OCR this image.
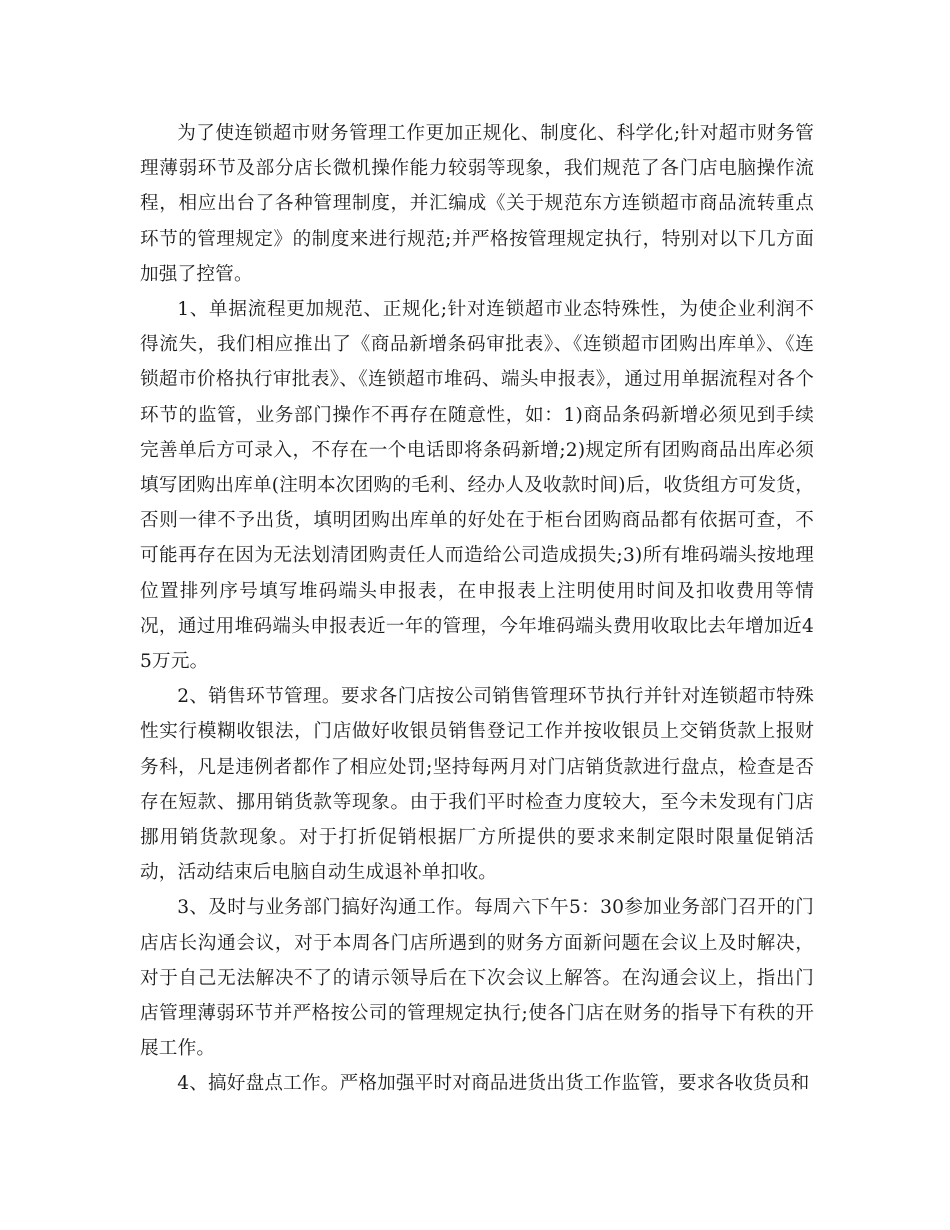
为了使连锁超市财务管理工作更加正规化、制度化、科学化;针对超市财务管理薄弱环节及部分店长微机操作能力较弱等现象，我们规范了各门店电脑操作流程，相应出台了各种管理制度，并汇编成《关于规范东方连锁超市商品流转重点环节的管理规定》的制度来进行规范;并严格按管理规定执行，特别对以下几方面加强了控管。

1、单据流程更加规范、正规化;针对连锁超市业态特殊性，为使企业利润不得流失，我们相应推出了《商品新增条码审批表》、《连锁超市团购出库单》、《连锁超市价格执行审批表》、《连锁超市堆码、端头申报表》，通过用单据流程对各个环节的监管，业务部门操作不再存在随意性，如：1)商品条码新增必须见到手续完善单后方可录入，不存在一个电话即将条码新增;2)规定所有团购商品出库必须填写团购出库单(注明本次团购的毛利、经办人及收款时间)后，收货组方可发货，否则一律不予出货，填明团购出库单的好处在于柜台团购商品都有依据可查，不可能再存在因为无法划清团购责任人而造给公司造成损失;3)所有堆码端头按地理位置排列序号填写堆码端头申报表，在申报表上注明使用时间及扣收费用等情况，通过用堆码端头申报表近一年的管理，今年堆码端头费用收取比去年增加近45万元。

2、销售环节管理。要求各门店按公司销售管理环节执行并针对连锁超市特殊性实行模糊收银法，门店做好收银员销售登记工作并按收银员上交销货款上报财务科，凡是违例者都作了相应处罚;坚持每两月对门店销货款进行盘点，检查是否存在短款、挪用销货款等现象。由于我们平时检查力度较大，至今未发现有门店挪用销货款现象。对于打折促销根据厂方所提供的要求来制定限时限量促销活动，活动结束后电脑自动生成退补单扣收。

3、及时与业务部门搞好沟通工作。每周六下午5：30参加业务部门召开的门店店长沟通会议，对于本周各门店所遇到的财务方面新问题在会议上及时解决，对于自己无法解决不了的请示领导后在下次会议上解答。在沟通会议上，指出门店管理薄弱环节并严格按公司的管理规定执行;使各门店在财务的指导下有秩的开展工作。

4、搞好盘点工作。严格加强平时对商品进货出货工作监管，要求各收货员和
